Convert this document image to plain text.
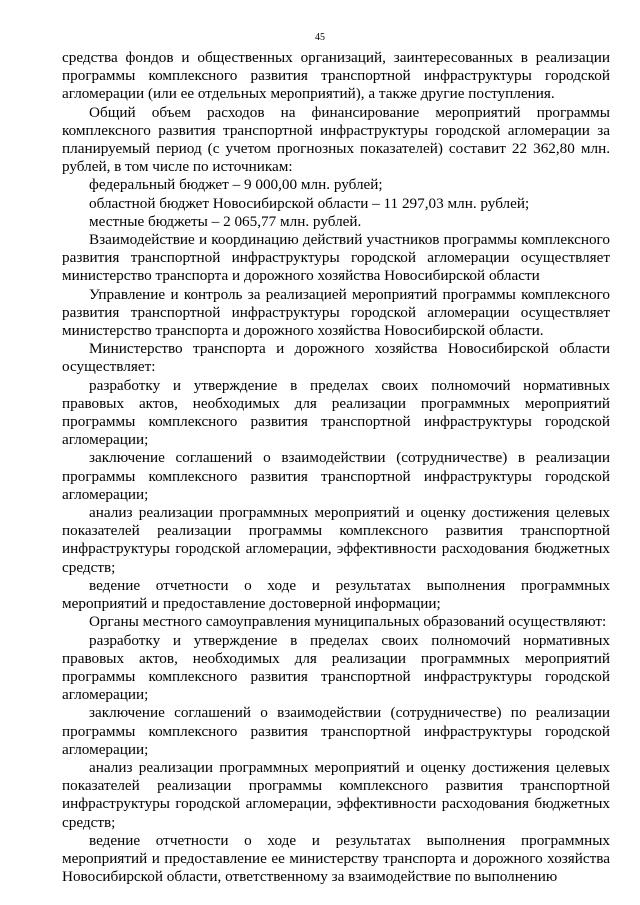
45

средства фондов и общественных организаций, заинтересованных в реализации программы комплексного развития транспортной инфраструктуры городской агломерации (или ее отдельных мероприятий), а также другие поступления.

Общий объем расходов на финансирование мероприятий программы комплексного развития транспортной инфраструктуры городской агломерации за планируемый период (с учетом прогнозных показателей) составит 22 362,80 млн. рублей, в том числе по источникам:

федеральный бюджет – 9 000,00 млн. рублей;

областной бюджет Новосибирской области – 11 297,03 млн. рублей;

местные бюджеты – 2 065,77 млн. рублей.

Взаимодействие и координацию действий участников программы комплексного развития транспортной инфраструктуры городской агломерации осуществляет министерство транспорта и дорожного хозяйства Новосибирской области

Управление и контроль за реализацией мероприятий программы комплексного развития транспортной инфраструктуры городской агломерации осуществляет министерство транспорта и дорожного хозяйства Новосибирской области.

Министерство транспорта и дорожного хозяйства Новосибирской области осуществляет:

разработку и утверждение в пределах своих полномочий нормативных правовых актов, необходимых для реализации программных мероприятий программы комплексного развития транспортной инфраструктуры городской агломерации;

заключение соглашений о взаимодействии (сотрудничестве) в реализации программы комплексного развития транспортной инфраструктуры городской агломерации;

анализ реализации программных мероприятий и оценку достижения целевых показателей реализации программы комплексного развития транспортной инфраструктуры городской агломерации, эффективности расходования бюджетных средств;

ведение отчетности о ходе и результатах выполнения программных мероприятий и предоставление достоверной информации;

Органы местного самоуправления муниципальных образований осуществляют:

разработку и утверждение в пределах своих полномочий нормативных правовых актов, необходимых для реализации программных мероприятий программы комплексного развития транспортной инфраструктуры городской агломерации;

заключение соглашений о взаимодействии (сотрудничестве) по реализации программы комплексного развития транспортной инфраструктуры городской агломерации;

анализ реализации программных мероприятий и оценку достижения целевых показателей реализации программы комплексного развития транспортной инфраструктуры городской агломерации, эффективности расходования бюджетных средств;

ведение отчетности о ходе и результатах выполнения программных мероприятий и предоставление ее министерству транспорта и дорожного хозяйства Новосибирской области, ответственному за взаимодействие по выполнению
